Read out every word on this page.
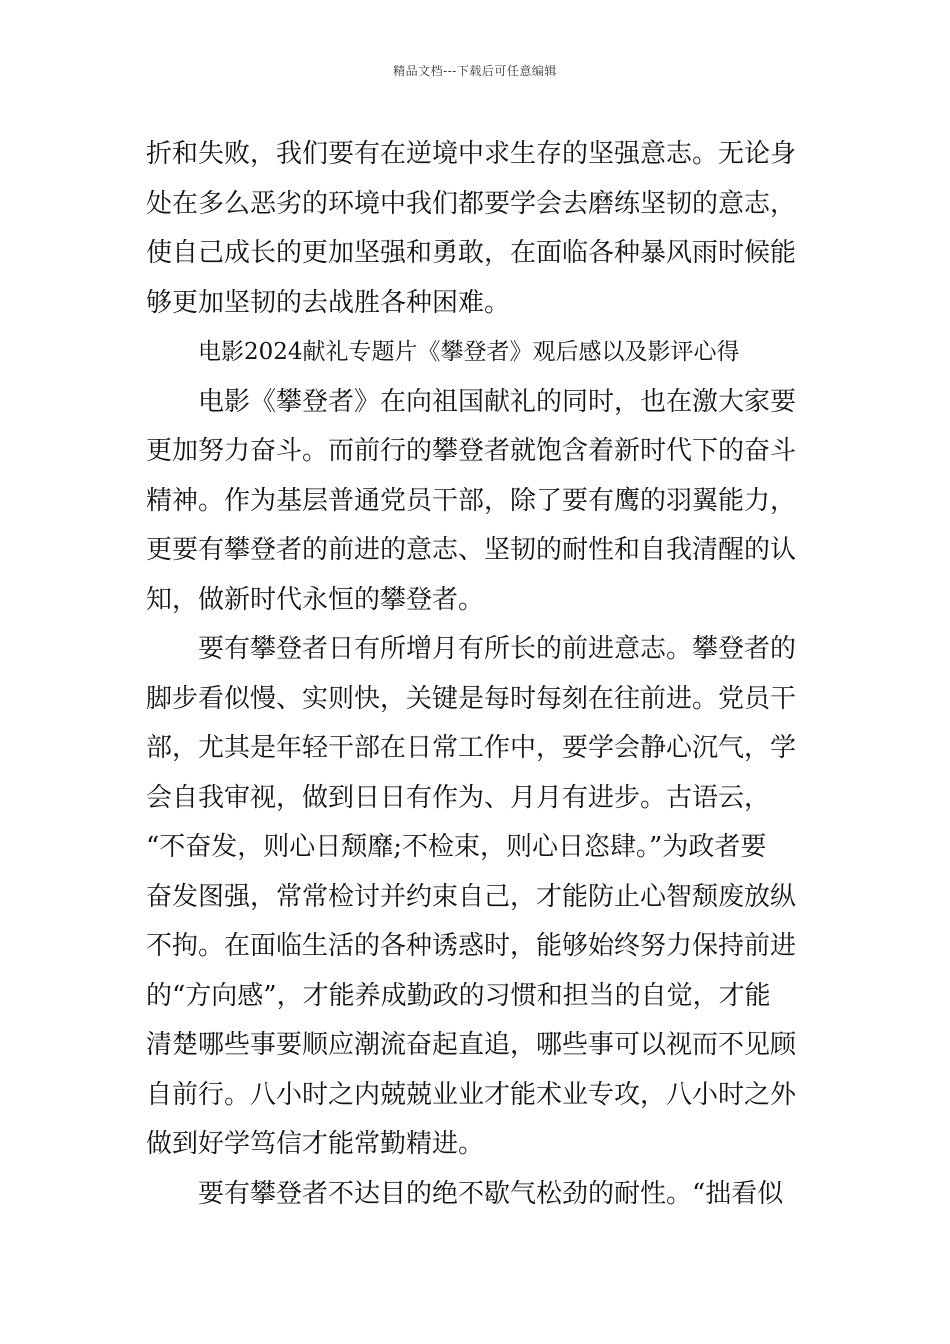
精品文档---下载后可任意编辑
折和失败，我们要有在逆境中求生存的坚强意志。无论身
处在多么恶劣的环境中我们都要学会去磨练坚韧的意志，
使自己成长的更加坚强和勇敢，在面临各种暴风雨时候能
够更加坚韧的去战胜各种困难。
电影2024献礼专题片《攀登者》观后感以及影评心得
电影《攀登者》在向祖国献礼的同时，也在激大家要
更加努力奋斗。而前行的攀登者就饱含着新时代下的奋斗
精神。作为基层普通党员干部，除了要有鹰的羽翼能力，
更要有攀登者的前进的意志、坚韧的耐性和自我清醒的认
知，做新时代永恒的攀登者。
要有攀登者日有所增月有所长的前进意志。攀登者的
脚步看似慢、实则快，关键是每时每刻在往前进。党员干
部，尤其是年轻干部在日常工作中，要学会静心沉气，学
会自我审视，做到日日有作为、月月有进步。古语云，
“不奋发，则心日颓靡;不检束，则心日恣肆。”为政者要
奋发图强，常常检讨并约束自己，才能防止心智颓废放纵
不拘。在面临生活的各种诱惑时，能够始终努力保持前进
的“方向感”，才能养成勤政的习惯和担当的自觉，才能
清楚哪些事要顺应潮流奋起直追，哪些事可以视而不见顾
自前行。八小时之内兢兢业业才能术业专攻，八小时之外
做到好学笃信才能常勤精进。
要有攀登者不达目的绝不歇气松劲的耐性。“拙看似
